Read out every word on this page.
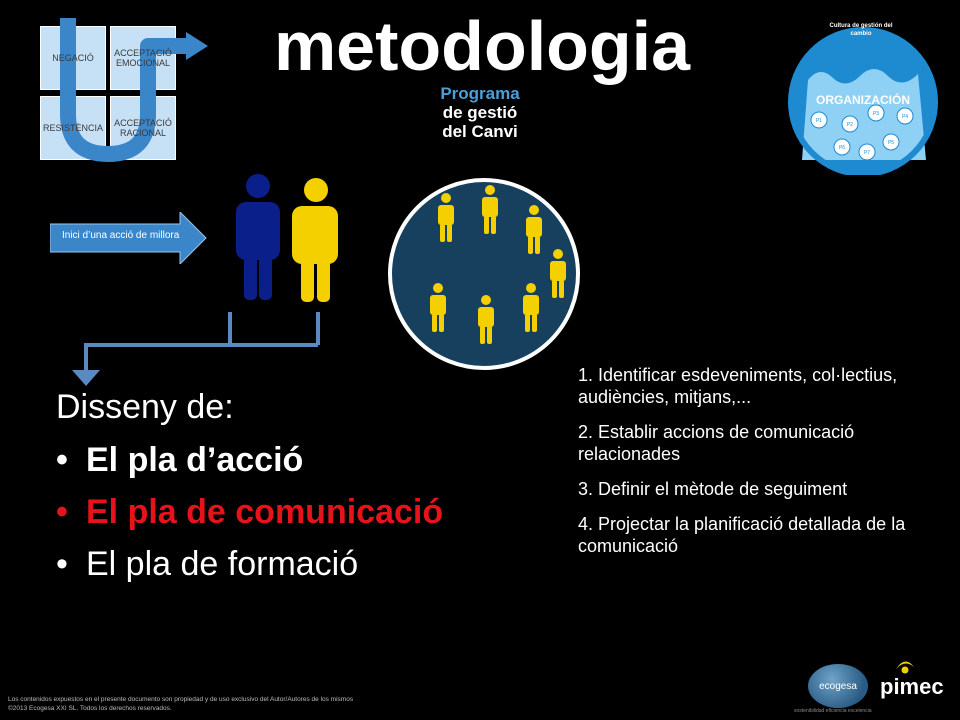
NEGACIÓ
ACCEPTACIÓ EMOCIONAL
RESISTÈNCIA
ACCEPTACIÓ RACIONAL
metodologia
Programa
de gestió
del Canvi
P1
P2
P3	P4
P5
P6
P7
Cultura de gestión del cambio
ORGANIZACIÓN
Inici d’una acció de millora
Disseny de:
• El pla d’acció
• El pla de comunicació
• El pla de formació
1. Identificar esdeveniments, col·lectius, audiències, mitjans,...
2. Establir accions de comunicació relacionades
3. Definir el mètode de seguiment
4. Projectar la planificació detallada de la comunicació
Los contenidos expuestos en el presente documento son propiedad y de uso exclusivo del Autor/Autores de los mismos
©2013 Ecogesa XXI SL. Todos los derechos reservados.
ecogesa
sostenibilidad eficiencia excelencia
pimec
